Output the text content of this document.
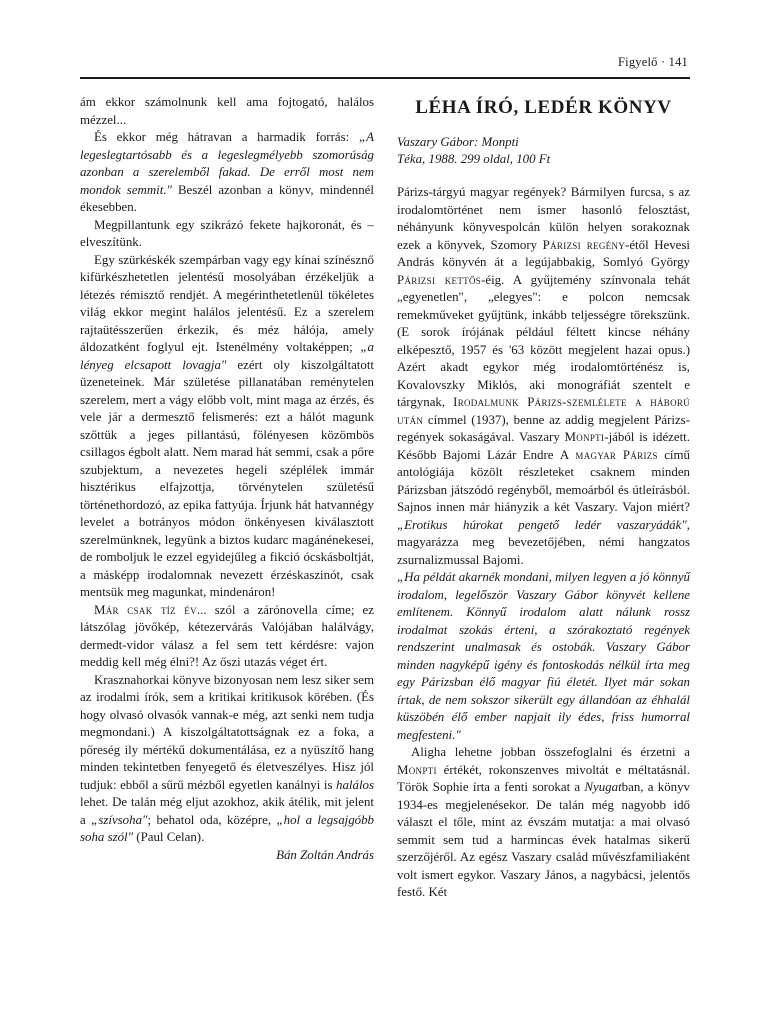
Figyelő · 141

ám ekkor számolnunk kell ama fojtogató, halálos mézzel...

És ekkor még hátravan a harmadik forrás: „A legeslegtartósabb és a legeslegmélyebb szomorúság azonban a szerelemből fakad. De erről most nem mondok semmit." Beszél azonban a könyv, mindennél ékesebben.

Megpillantunk egy szikrázó fekete hajkoronát, és – elveszítünk.

Egy szürkéskék szempárban vagy egy kínai színésznő kifürkészhetetlen jelentésű mosolyában érzékeljük a létezés rémisztő rendjét. A megérinthetetlenül tökéletes világ ekkor megint halálos jelentésű. Ez a szerelem rajtaütésszerűen érkezik, és méz hálója, amely áldozatként foglyul ejt. Istenélmény voltaképpen; „a lényeg elcsapott lovagja" ezért oly kiszolgáltatott üzeneteinek. Már születése pillanatában reménytelen szerelem, mert a vágy előbb volt, mint maga az érzés, és vele jár a dermesztő felismerés: ezt a hálót magunk szőttük a jeges pillantású, fölényesen közömbös csillagos égbolt alatt. Nem marad hát semmi, csak a pőre szubjektum, a nevezetes hegeli széplélek immár hisztérikus elfajzottja, törvénytelen születésű történethordozó, az epika fattyúja. Írjunk hát hatvannégy levelet a botrányos módon önkényesen kiválasztott szerelmünknek, legyünk a biztos kudarc magánénekesei, de romboljuk le ezzel egyidejűleg a fikció ócskásboltját, a másképp irodalomnak nevezett érzéskaszinót, csak mentsük meg magunkat, mindenáron!

Már csak tíz év... szól a zárónovella címe; ez látszólag jövőkép, kétezervárás Valójában halálvágy, dermedt-vidor válasz a fel sem tett kérdésre: vajon meddig kell még élni?! Az őszi utazás véget ért.

Krasznahorkai könyve bizonyosan nem lesz siker sem az irodalmi írók, sem a kritikai kritikusok körében. (És hogy olvasó olvasók vannak-e még, azt senki nem tudja megmondani.) A kiszolgáltatottságnak ez a foka, a pőreség ily mértékű dokumentálása, ez a nyüszítő hang minden tekintetben fenyegető és életveszélyes. Hisz jól tudjuk: ebből a sűrű mézből egyetlen kanálnyi is halálos lehet. De talán még eljut azokhoz, akik átélik, mit jelent a „szívsoha"; behatol oda, középre, „hol a legsajgóbb soha szól" (Paul Celan).

Bán Zoltán András

LÉHA ÍRÓ, LEDÉR KÖNYV
Vaszary Gábor: Monpti
Téka, 1988. 299 oldal, 100 Ft

Párizs-tárgyú magyar regények? Bármilyen furcsa, s az irodalomtörténet nem ismer hasonló felosztást, néhányunk könyvespolcán külön helyen sorakoznak ezek a könyvek, Szomory Párizsi regény-étől Hevesi András könyvén át a legújabbakig, Somlyó György Párizsi kettős-éig. A gyűjtemény színvonala tehát „egyenetlen", „elegyes": e polcon nemcsak remekműveket gyűjtünk, inkább teljességre törekszünk. (E sorok írójának például féltett kincse néhány elképesztő, 1957 és '63 között megjelent hazai opus.) Azért akadt egykor még irodalomtörténész is, Kovalovszky Miklós, aki monográfiát szentelt e tárgynak, Irodalmunk Párizs-szemlélete a háború után címmel (1937), benne az addig megjelent Párizs-regények sokaságával. Vaszary Monpti-jából is idézett. Később Bajomi Lázár Endre A magyar Párizs című antológiája közölt részleteket csaknem minden Párizsban játszódó regényből, memoárból és útleírásból. Sajnos innen már hiányzik a két Vaszary. Vajon miért? „Erotikus húrokat pengető ledér vaszaryádák", magyarázza meg bevezetőjében, némi hangzatos zsurnalizmussal Bajomi.

„Ha példát akarnék mondani, milyen legyen a jó könnyű irodalom, legelőször Vaszary Gábor könyvét kellene említenem. Könnyű irodalom alatt nálunk rossz irodalmat szokás érteni, a szórakoztató regények rendszerint unalmasak és ostobák. Vaszary Gábor minden nagyképű igény és fontoskodás nélkül írta meg egy Párizsban élő magyar fiú életét. Ilyet már sokan írtak, de nem sokszor sikerült egy állandóan az éhhalál küszöbén élő ember napjait ily édes, friss humorral megfesteni."

Aligha lehetne jobban összefoglalni és érzetni a Monpti értékét, rokonszenves mivoltát e méltatásnál. Török Sophie írta a fenti sorokat a Nyugatban, a könyv 1934-es megjelenésekor. De talán még nagyobb idő választ el tőle, mint az évszám mutatja: a mai olvasó semmit sem tud a harmincas évek hatalmas sikerű szerzőjéről. Az egész Vaszary család művészfamiliaként volt ismert egykor. Vaszary János, a nagybácsi, jelentős festő. Két
